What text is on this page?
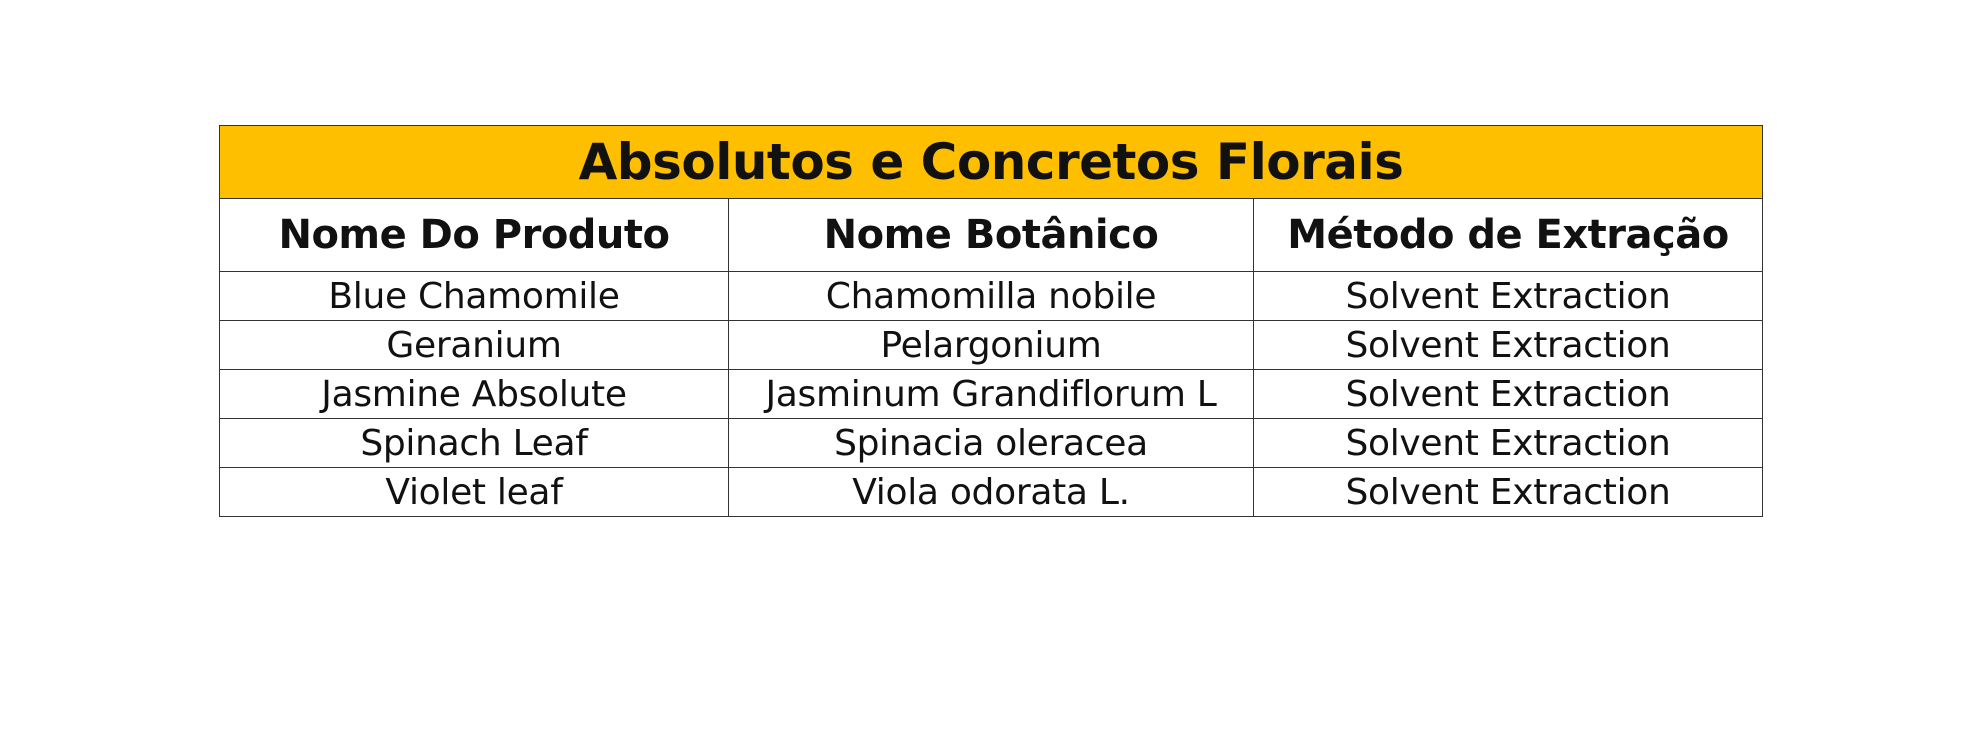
Absolutos e Concretos Florais		
Nome Do Produto	Nome Botânico	Método de Extração
Blue Chamomile	Chamomilla nobile	Solvent Extraction
Geranium	Pelargonium	Solvent Extraction
Jasmine Absolute	Jasminum Grandiflorum L	Solvent Extraction
Spinach Leaf	Spinacia oleracea	Solvent Extraction
Violet leaf	Viola odorata L.	Solvent Extraction
